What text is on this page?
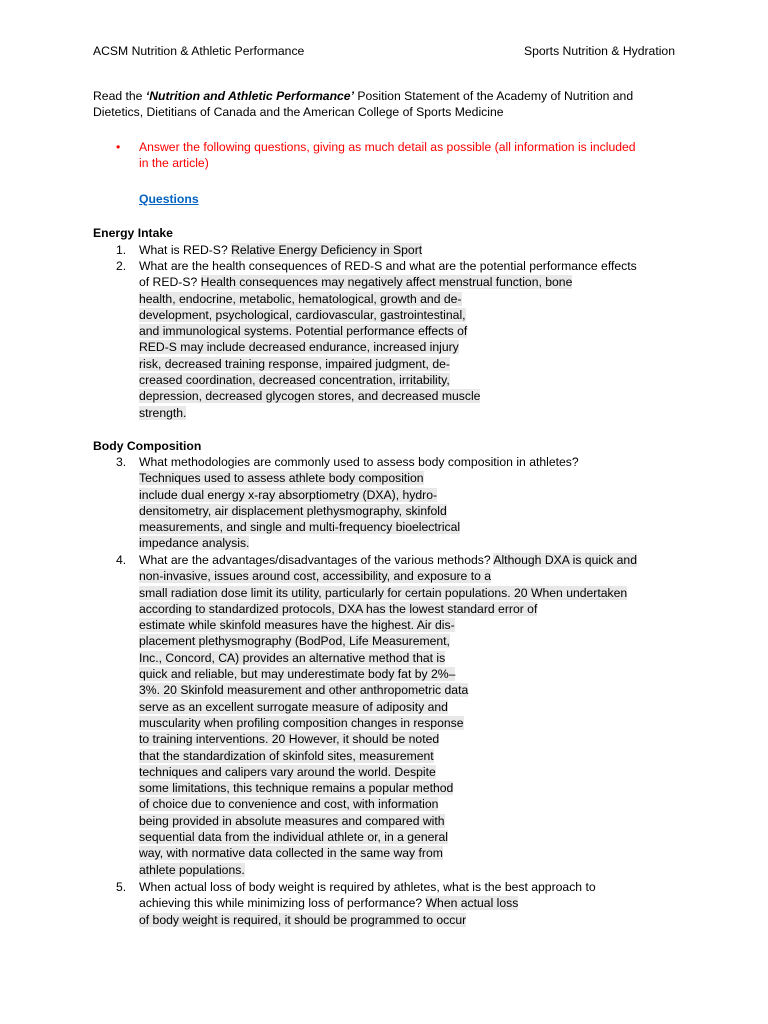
ACSM Nutrition & Athletic Performance	Sports Nutrition & Hydration
Read the ‘Nutrition and Athletic Performance’ Position Statement of the Academy of Nutrition and
Dietetics, Dietitians of Canada and the American College of Sports Medicine
• Answer the following questions, giving as much detail as possible (all information is included
in the article)
Questions
Energy Intake
1. What is RED-S? Relative Energy Deficiency in Sport
2. What are the health consequences of RED-S and what are the potential performance effects
of RED-S? Health consequences may negatively affect menstrual function, bone
health, endocrine, metabolic, hematological, growth and de-
development, psychological, cardiovascular, gastrointestinal,
and immunological systems. Potential performance effects of
RED-S may include decreased endurance, increased injury
risk, decreased training response, impaired judgment, de-
creased coordination, decreased concentration, irritability,
depression, decreased glycogen stores, and decreased muscle
strength.
Body Composition
3. What methodologies are commonly used to assess body composition in athletes?
Techniques used to assess athlete body composition
include dual energy x-ray absorptiometry (DXA), hydro-
densitometry, air displacement plethysmography, skinfold
measurements, and single and multi-frequency bioelectrical
impedance analysis.
4. What are the advantages/disadvantages of the various methods? Although DXA is quick and
non-invasive, issues around cost, accessibility, and exposure to a
small radiation dose limit its utility, particularly for certain populations. 20 When undertaken
according to standardized protocols, DXA has the lowest standard error of
estimate while skinfold measures have the highest. Air dis-
placement plethysmography (BodPod, Life Measurement,
Inc., Concord, CA) provides an alternative method that is
quick and reliable, but may underestimate body fat by 2%–
3%. 20 Skinfold measurement and other anthropometric data
serve as an excellent surrogate measure of adiposity and
muscularity when profiling composition changes in response
to training interventions. 20 However, it should be noted
that the standardization of skinfold sites, measurement
techniques and calipers vary around the world. Despite
some limitations, this technique remains a popular method
of choice due to convenience and cost, with information
being provided in absolute measures and compared with
sequential data from the individual athlete or, in a general
way, with normative data collected in the same way from
athlete populations.
5. When actual loss of body weight is required by athletes, what is the best approach to
achieving this while minimizing loss of performance? When actual loss
of body weight is required, it should be programmed to occur
